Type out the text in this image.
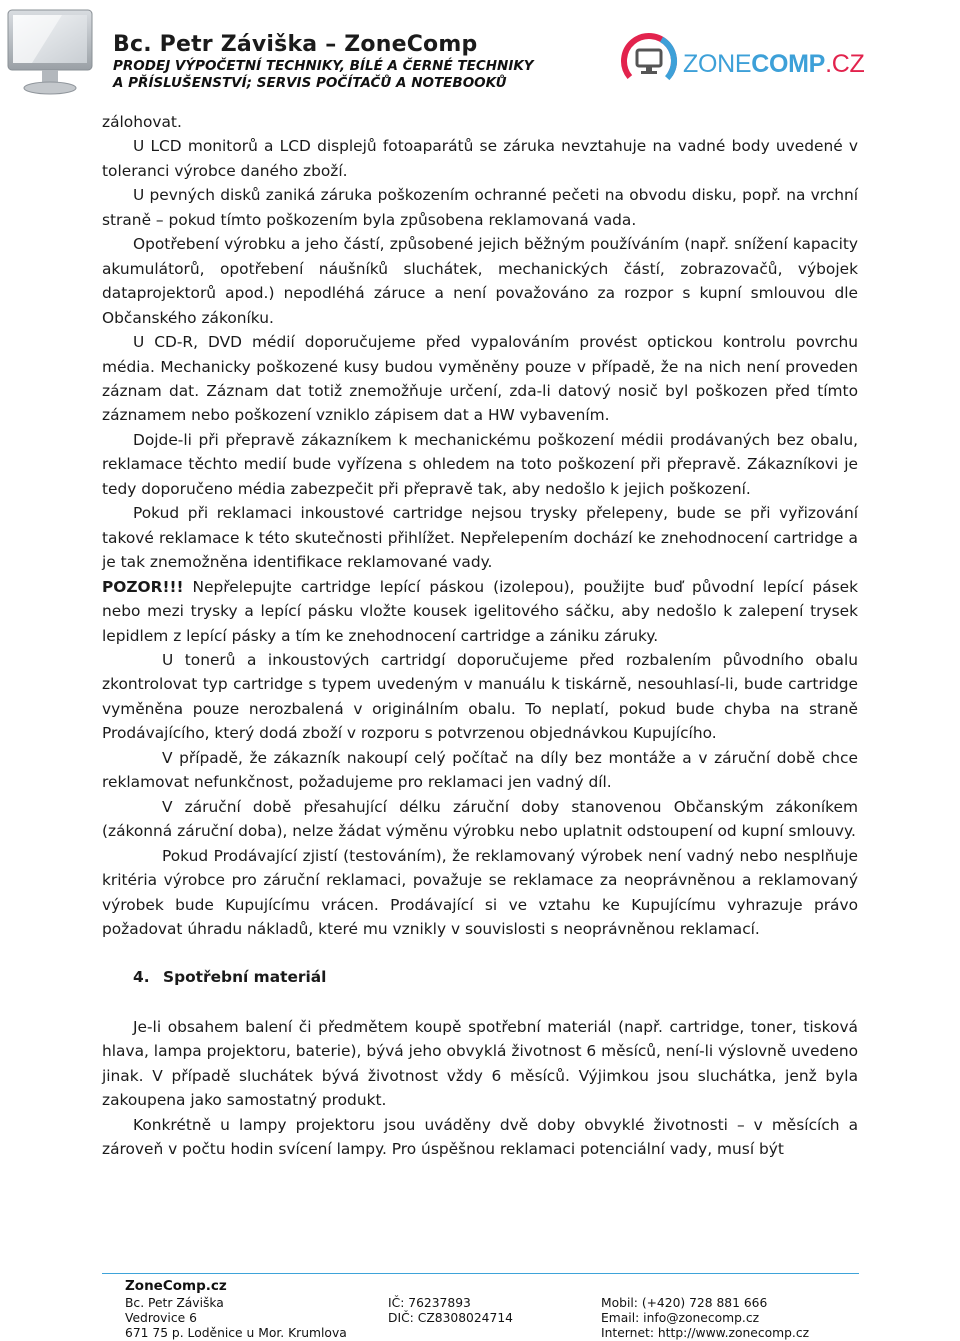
Bc. Petr Záviška – ZoneComp
PRODEJ VÝPOČETNÍ TECHNIKY, BÍLÉ A ČERNÉ TECHNIKY
A PŘÍSLUŠENSTVÍ; SERVIS POČÍTAČŮ A NOTEBOOKŮ
ZONECOMP.CZ

zálohovat.

U LCD monitorů a LCD displejů fotoaparátů se záruka nevztahuje na vadné body uvedené v toleranci výrobce daného zboží.

U pevných disků zaniká záruka poškozením ochranné pečeti na obvodu disku, popř. na vrchní straně – pokud tímto poškozením byla způsobena reklamovaná vada.

Opotřebení výrobku a jeho částí, způsobené jejich běžným používáním (např. snížení kapacity akumulátorů, opotřebení náušníků sluchátek, mechanických částí, zobrazovačů, výbojek dataprojektorů apod.) nepodléhá záruce a není považováno za rozpor s kupní smlouvou dle Občanského zákoníku.

U CD-R, DVD médií doporučujeme před vypalováním provést optickou kontrolu povrchu média. Mechanicky poškozené kusy budou vyměněny pouze v případě, že na nich není proveden záznam dat. Záznam dat totiž znemožňuje určení, zda-li datový nosič byl poškozen před tímto záznamem nebo poškození vzniklo zápisem dat a HW vybavením.

Dojde-li při přepravě zákazníkem k mechanickému poškození médii prodávaných bez obalu, reklamace těchto medií bude vyřízena s ohledem na toto poškození při přepravě. Zákazníkovi je tedy doporučeno média zabezpečit při přepravě tak, aby nedošlo k jejich poškození.

Pokud při reklamaci inkoustové cartridge nejsou trysky přelepeny, bude se při vyřizování takové reklamace k této skutečnosti přihlížet. Nepřelepením dochází ke znehodnocení cartridge a je tak znemožněna identifikace reklamované vady.

POZOR!!! Nepřelepujte cartridge lepící páskou (izolepou), použijte buď původní lepící pásek nebo mezi trysky a lepící pásku vložte kousek igelitového sáčku, aby nedošlo k zalepení trysek lepidlem z lepící pásky a tím ke znehodnocení cartridge a zániku záruky.

U tonerů a inkoustových cartridgí doporučujeme před rozbalením původního obalu zkontrolovat typ cartridge s typem uvedeným v manuálu k tiskárně, nesouhlasí-li, bude cartridge vyměněna pouze nerozbalená v originálním obalu. To neplatí, pokud bude chyba na straně Prodávajícího, který dodá zboží v rozporu s potvrzenou objednávkou Kupujícího.

V případě, že zákazník nakoupí celý počítač na díly bez montáže a v záruční době chce reklamovat nefunkčnost, požadujeme pro reklamaci jen vadný díl.

V záruční době přesahující délku záruční doby stanovenou Občanským zákoníkem (zákonná záruční doba), nelze žádat výměnu výrobku nebo uplatnit odstoupení od kupní smlouvy.

Pokud Prodávající zjistí (testováním), že reklamovaný výrobek není vadný nebo nesplňuje kritéria výrobce pro záruční reklamaci, považuje se reklamace za neoprávněnou a reklamovaný výrobek bude Kupujícímu vrácen. Prodávající si ve vztahu ke Kupujícímu vyhrazuje právo požadovat úhradu nákladů, které mu vznikly v souvislosti s neoprávněnou reklamací.

4. Spotřební materiál

Je-li obsahem balení či předmětem koupě spotřební materiál (např. cartridge, toner, tisková hlava, lampa projektoru, baterie), bývá jeho obvyklá životnost 6 měsíců, není-li výslovně uvedeno jinak. V případě sluchátek bývá životnost vždy 6 měsíců. Výjimkou jsou sluchátka, jenž byla zakoupena jako samostatný produkt.

Konkrétně u lampy projektoru jsou uváděny dvě doby obvyklé životnosti – v měsících a zároveň v počtu hodin svícení lampy. Pro úspěšnou reklamaci potenciální vady, musí být

ZoneComp.cz
Bc. Petr Záviška
Vedrovice 6
671 75 p. Loděnice u Mor. Krumlova
IČ: 76237893
DIČ: CZ8308024714
Mobil: (+420) 728 881 666
Email: info@zonecomp.cz
Internet: http://www.zonecomp.cz
